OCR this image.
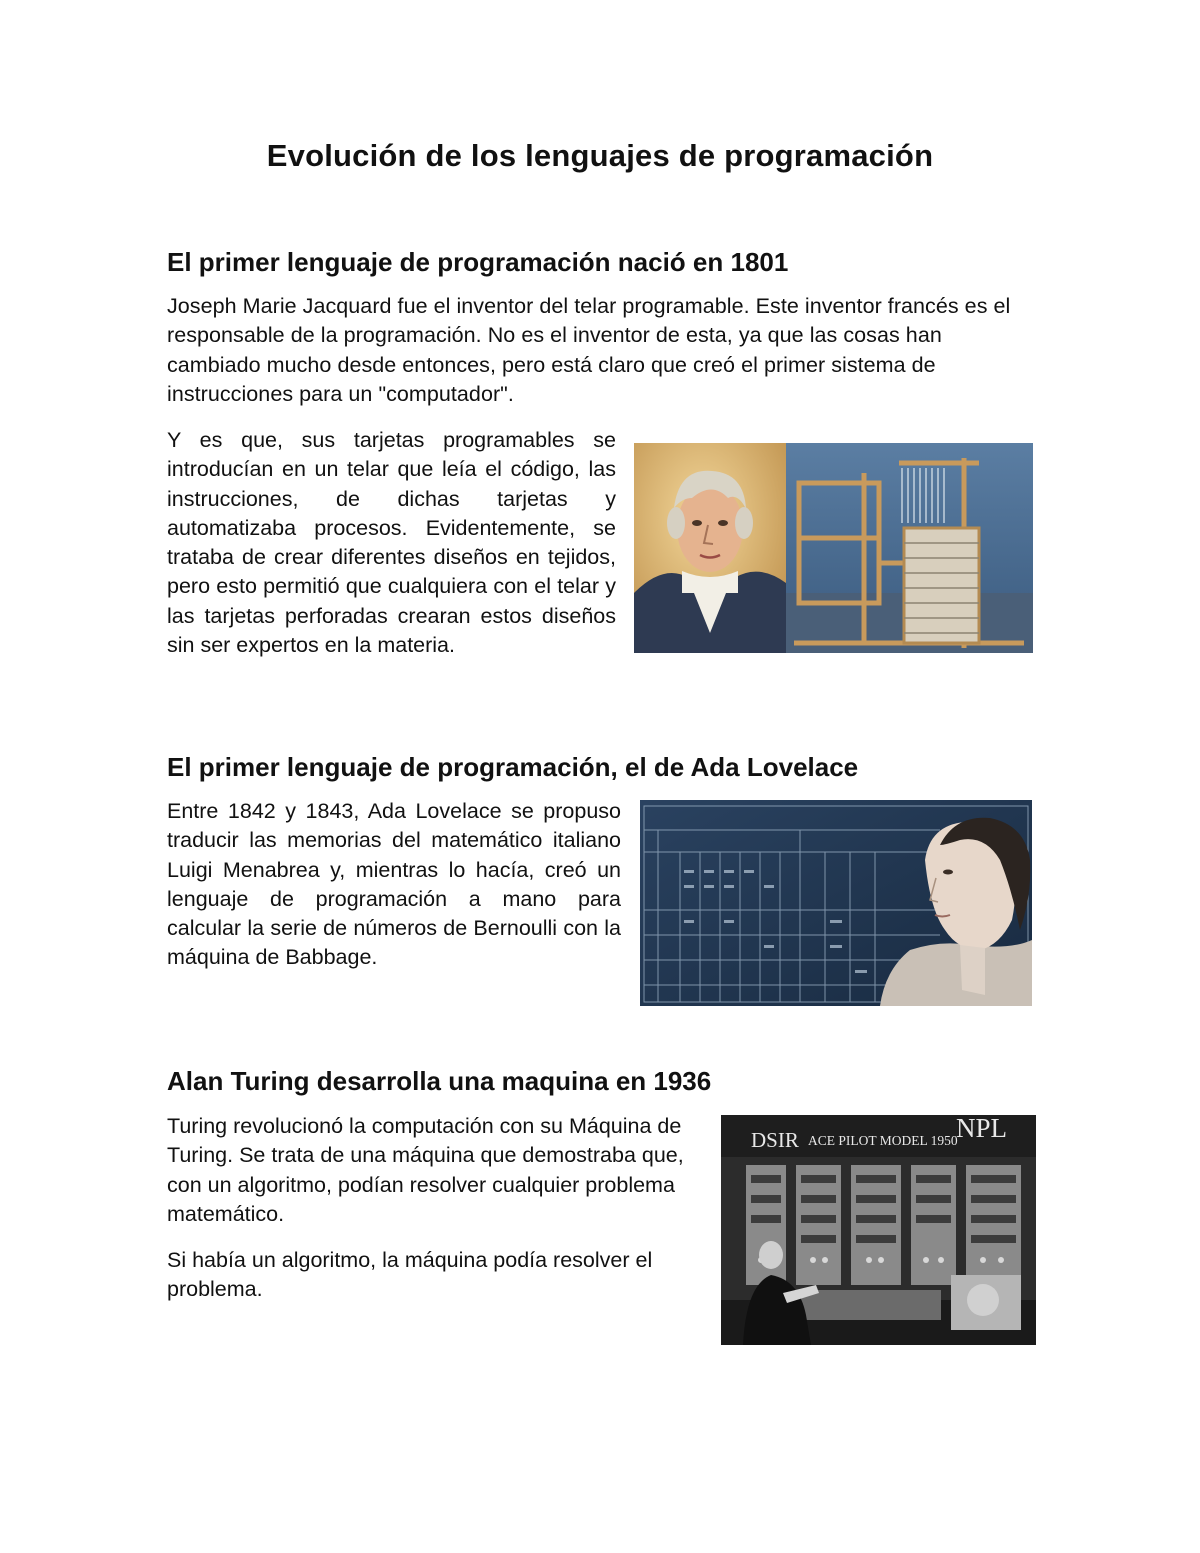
Evolución de los lenguajes de programación
El primer lenguaje de programación nació en 1801

Joseph Marie Jacquard fue el inventor del telar programable. Este inventor francés es el responsable de la programación. No es el inventor de esta, ya que las cosas han cambiado mucho desde entonces, pero está claro que creó el primer sistema de instrucciones para un "computador".

Y es que, sus tarjetas programables se introducían en un telar que leía el código, las instrucciones, de dichas tarjetas y automatizaba procesos. Evidentemente, se trataba de crear diferentes diseños en tejidos, pero esto permitió que cualquiera con el telar y las tarjetas perforadas crearan estos diseños sin ser expertos en la materia.

El primer lenguaje de programación, el de Ada Lovelace

Entre 1842 y 1843, Ada Lovelace se propuso traducir las memorias del matemático italiano Luigi Menabrea y, mientras lo hacía, creó un lenguaje de programación a mano para calcular la serie de números de Bernoulli con la máquina de Babbage.

Alan Turing desarrolla una maquina en 1936

Turing revolucionó la computación con su Máquina de Turing. Se trata de una máquina que demostraba que, con un algoritmo, podían resolver cualquier problema matemático.

Si había un algoritmo, la máquina podía resolver el problema.

DSIR ACE PILOT MODEL 1950
NPL
